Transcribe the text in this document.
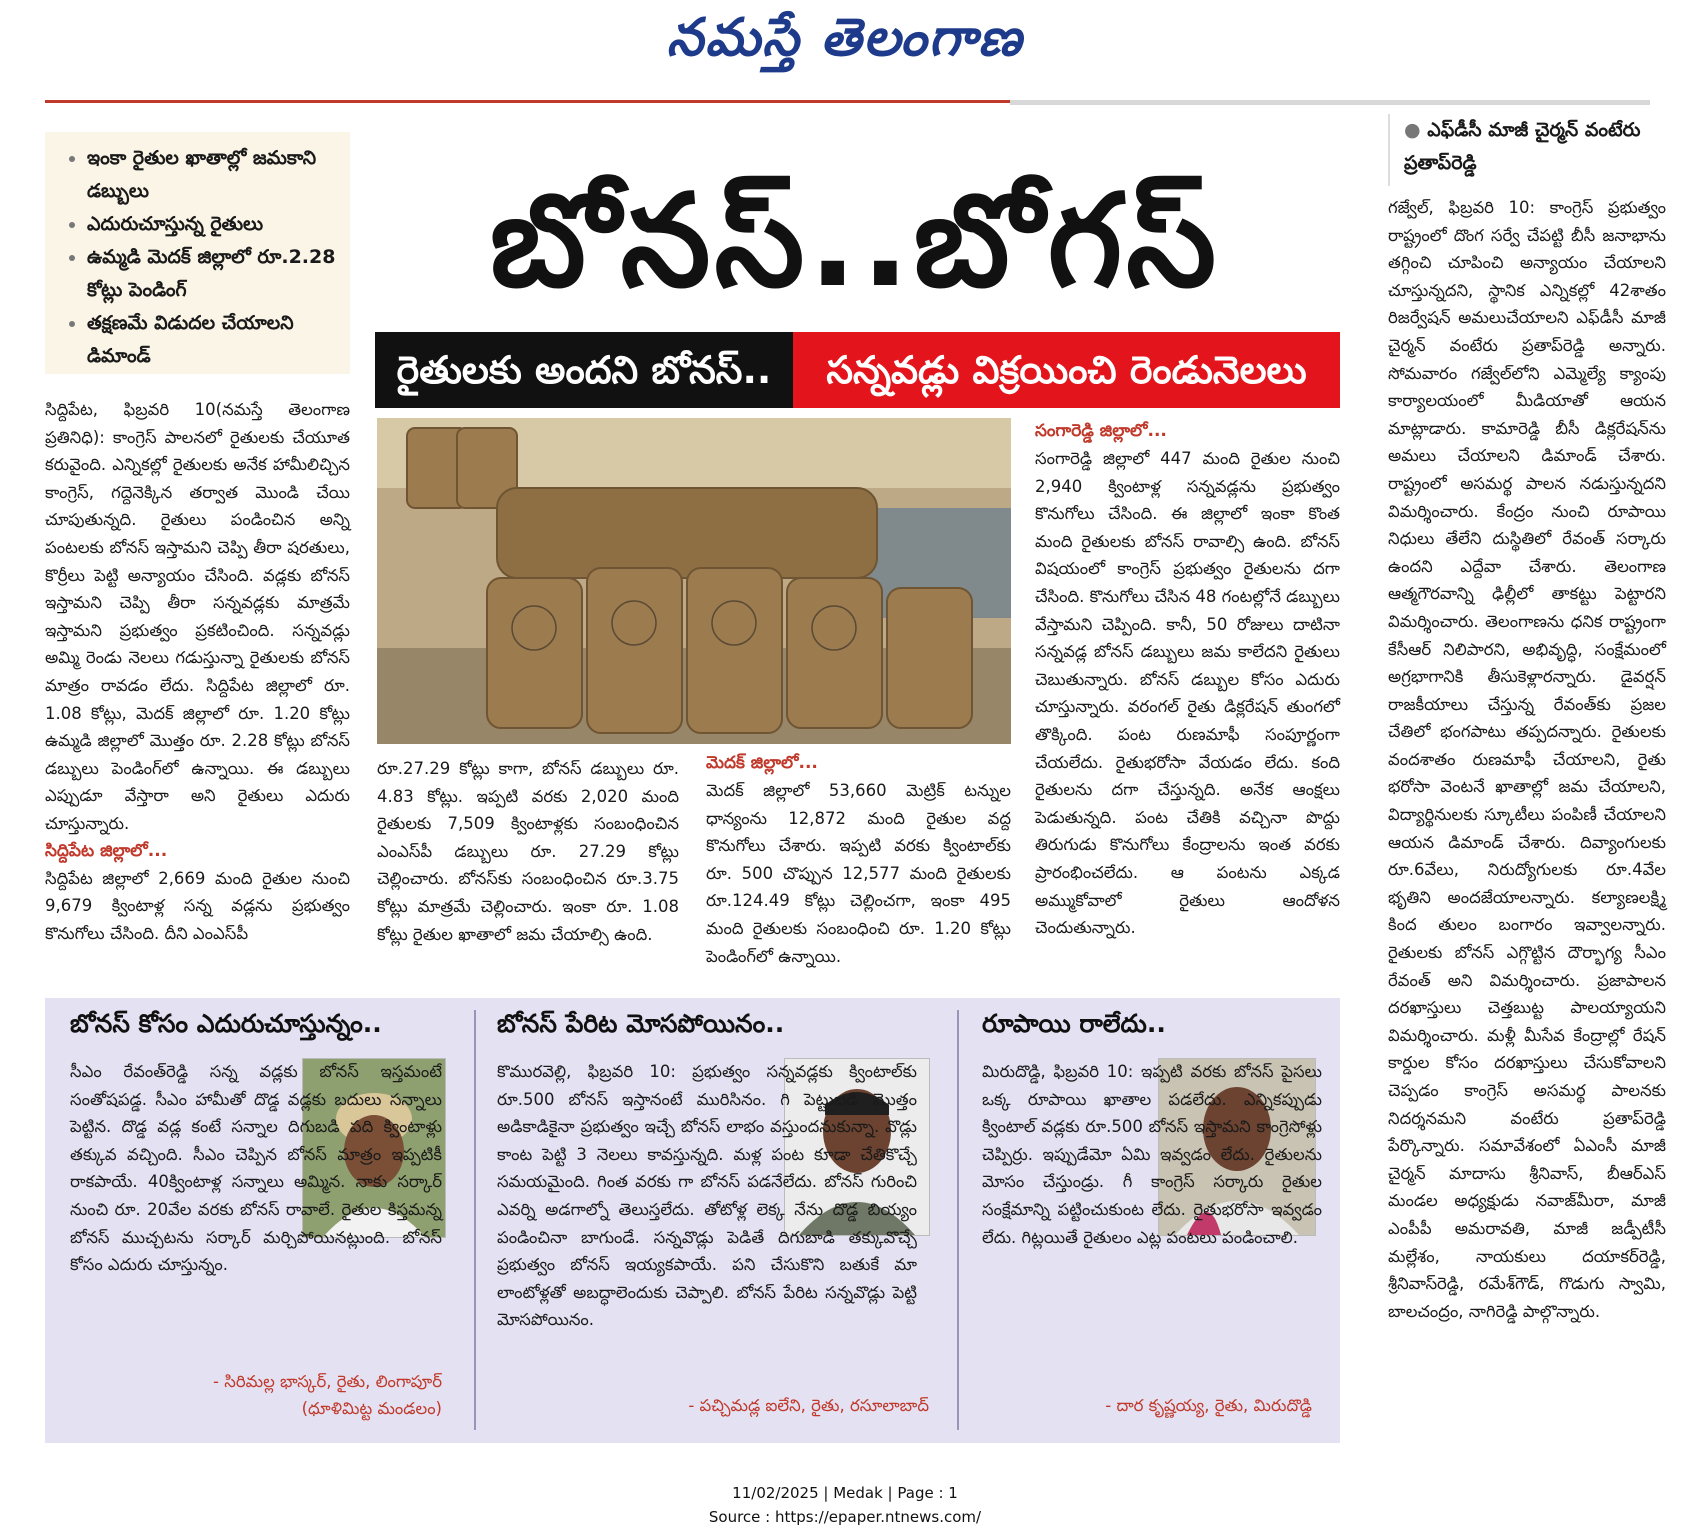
నమస్తే తెలంగాణ
• ఇంకా రైతుల ఖాతాల్లో జమకాని డబ్బులు
• ఎదురుచూస్తున్న రైతులు
• ఉమ్మడి మెదక్‌ జిల్లాలో రూ.2.28 కోట్లు పెండింగ్‌
• తక్షణమే విడుదల చేయాలని డిమాండ్‌
బోనస్‌..బోగస్‌
రైతులకు అందని బోనస్‌..	సన్నవడ్లు విక్రయించి రెండునెలలు
సిద్దిపేట, ఫిబ్రవరి 10(నమస్తే తెలంగాణ ప్రతినిధి): కాంగ్రెస్‌ పాలనలో రైతులకు చేయూత కరువైంది. ఎన్నికల్లో రైతులకు అనేక హామీలిచ్చిన కాంగ్రెస్‌, గద్దెనెక్కిన తర్వాత మొండి చేయి చూపుతున్నది. రైతులు పండించిన అన్ని పంటలకు బోనస్‌ ఇస్తామని చెప్పి తీరా షరతులు, కొర్రీలు పెట్టి అన్యాయం చేసింది. వడ్లకు బోనస్‌ ఇస్తామని చెప్పి తీరా సన్నవడ్లకు మాత్రమే ఇస్తామని ప్రభుత్వం ప్రకటించింది. సన్నవడ్లు అమ్మి రెండు నెలలు గడుస్తున్నా రైతులకు బోనస్‌ మాత్రం రావడం లేదు. సిద్దిపేట జిల్లాలో రూ. 1.08 కోట్లు, మెదక్‌ జిల్లాలో రూ. 1.20 కోట్లు ఉమ్మడి జిల్లాలో మొత్తం రూ. 2.28 కోట్లు బోనస్‌ డబ్బులు పెండింగ్‌లో ఉన్నాయి. ఈ డబ్బులు ఎప్పుడూ వేస్తారా అని రైతులు ఎదురు చూస్తున్నారు.
సిద్దిపేట జిల్లాలో...
సిద్దిపేట జిల్లాలో 2,669 మంది రైతుల నుంచి 9,679 క్వింటాళ్ల సన్న వడ్లను ప్రభుత్వం కొనుగోలు చేసింది. దీని ఎంఎస్‌పీ
రూ.27.29 కోట్లు కాగా, బోనస్‌ డబ్బులు రూ. 4.83 కోట్లు. ఇప్పటి వరకు 2,020 మంది రైతులకు 7,509 క్వింటాళ్లకు సంబంధించిన ఎంఎస్‌పీ డబ్బులు రూ. 27.29 కోట్లు చెల్లించారు. బోనస్‌కు సంబంధించిన రూ.3.75 కోట్లు మాత్రమే చెల్లించారు. ఇంకా రూ. 1.08 కోట్లు రైతుల ఖాతాలో జమ చేయాల్సి ఉంది.
మెదక్‌ జిల్లాలో...
మెదక్‌ జిల్లాలో 53,660 మెట్రిక్‌ టన్నుల ధాన్యంను 12,872 మంది రైతుల వద్ద కొనుగోలు చేశారు. ఇప్పటి వరకు క్వింటాల్‌కు రూ. 500 చొప్పున 12,577 మంది రైతులకు రూ.124.49 కోట్లు చెల్లించగా, ఇంకా 495 మంది రైతులకు సంబంధించి రూ. 1.20 కోట్లు పెండింగ్‌లో ఉన్నాయి.
సంగారెడ్డి జిల్లాలో...
సంగారెడ్డి జిల్లాలో 447 మంది రైతుల నుంచి 2,940 క్వింటాళ్ల సన్నవడ్లను ప్రభుత్వం కొనుగోలు చేసింది. ఈ జిల్లాలో ఇంకా కొంత మంది రైతులకు బోనస్‌ రావాల్సి ఉంది. బోనస్‌ విషయంలో కాంగ్రెస్‌ ప్రభుత్వం రైతులను దగా చేసింది. కొనుగోలు చేసిన 48 గంటల్లోనే డబ్బులు వేస్తామని చెప్పింది. కానీ, 50 రోజులు దాటినా సన్నవడ్ల బోనస్‌ డబ్బులు జమ కాలేదని రైతులు చెబుతున్నారు. బోనస్‌ డబ్బుల కోసం ఎదురు చూస్తున్నారు. వరంగల్‌ రైతు డిక్లరేషన్‌ తుంగలో తొక్కింది. పంట రుణమాఫీ సంపూర్ణంగా చేయలేదు. రైతుభరోసా వేయడం లేదు. కంది రైతులను దగా చేస్తున్నది. అనేక ఆంక్షలు పెడుతున్నది. పంట చేతికి వచ్చినా పొద్దు తిరుగుడు కొనుగోలు కేంద్రాలను ఇంత వరకు ప్రారంభించలేదు. ఆ పంటను ఎక్కడ అమ్ముకోవాలో రైతులు ఆందోళన చెందుతున్నారు.
● ఎఫ్‌డీసీ మాజీ చైర్మన్‌ వంటేరు ప్రతాప్‌రెడ్డి
గజ్వేల్‌, ఫిబ్రవరి 10: కాంగ్రెస్‌ ప్రభుత్వం రాష్ట్రంలో దొంగ సర్వే చేపట్టి బీసీ జనాభాను తగ్గించి చూపించి అన్యాయం చేయాలని చూస్తున్నదని, స్థానిక ఎన్నికల్లో 42శాతం రిజర్వేషన్‌ అమలుచేయాలని ఎఫ్‌డీసీ మాజీ చైర్మన్‌ వంటేరు ప్రతాప్‌రెడ్డి అన్నారు. సోమవారం గజ్వేల్‌లోని ఎమ్మెల్యే క్యాంపు కార్యాలయంలో మీడియాతో ఆయన మాట్లాడారు. కామారెడ్డి బీసీ డిక్లరేషన్‌ను అమలు చేయాలని డిమాండ్‌ చేశారు. రాష్ట్రంలో అసమర్థ పాలన నడుస్తున్నదని విమర్శించారు. కేంద్రం నుంచి రూపాయి నిధులు తేలేని దుస్థితిలో రేవంత్‌ సర్కారు ఉందని ఎద్దేవా చేశారు. తెలంగాణ ఆత్మగౌరవాన్ని ఢిల్లీలో తాకట్టు పెట్టారని విమర్శించారు. తెలంగాణను ధనిక రాష్ట్రంగా కేసీఆర్‌ నిలిపారని, అభివృద్ధి, సంక్షేమంలో అగ్రభాగానికి తీసుకెళ్లారన్నారు. డైవర్షన్‌ రాజకీయాలు చేస్తున్న రేవంత్‌కు ప్రజల చేతిలో భంగపాటు తప్పదన్నారు. రైతులకు వందశాతం రుణమాఫీ చేయాలని, రైతు భరోసా వెంటనే ఖాతాల్లో జమ చేయాలని, విద్యార్థినులకు స్కూటీలు పంపిణీ చేయాలని ఆయన డిమాండ్‌ చేశారు. దివ్యాంగులకు రూ.6వేలు, నిరుద్యోగులకు రూ.4వేల భృతిని అందజేయాలన్నారు. కల్యాణలక్ష్మి కింద తులం బంగారం ఇవ్వాలన్నారు. రైతులకు బోనస్‌ ఎగ్గొట్టిన దౌర్భాగ్య సీఎం రేవంత్‌ అని విమర్శించారు. ప్రజాపాలన దరఖాస్తులు చెత్తబుట్ట పాలయ్యాయని విమర్శించారు. మళ్లీ మీసేవ కేంద్రాల్లో రేషన్‌ కార్డుల కోసం దరఖాస్తులు చేసుకోవాలని చెప్పడం కాంగ్రెస్‌ అసమర్థ పాలనకు నిదర్శనమని వంటేరు ప్రతాప్‌రెడ్డి పేర్కొన్నారు. సమావేశంలో ఏఎంసీ మాజీ చైర్మన్‌ మాదాసు శ్రీనివాస్‌, బీఆర్‌ఎస్‌ మండల అధ్యక్షుడు నవాజ్‌మీరా, మాజీ ఎంపీపీ అమరావతి, మాజీ జడ్పీటీసీ మల్లేశం, నాయకులు దయాకర్‌రెడ్డి, శ్రీనివాస్‌రెడ్డి, రమేశ్‌గౌడ్‌, గొడుగు స్వామి, బాలచంద్రం, నాగిరెడ్డి పాల్గొన్నారు.
బోనస్‌ కోసం ఎదురుచూస్తున్నం..
సీఎం రేవంత్‌రెడ్డి సన్న వడ్లకు బోనస్‌ ఇస్తమంటే సంతోషపడ్డ. సీఎం హామీతో దొడ్డ వడ్లకు బదులు సన్నాలు పెట్టిన. దొడ్డ వడ్ల కంటే సన్నాల దిగుబడి పది క్వింటాళ్లు తక్కువ వచ్చింది. సీఎం చెప్పిన బోనస్‌ మాత్రం ఇప్పటికీ రాకపాయే. 40క్వింటాళ్ల సన్నాలు అమ్మిన. నాకు సర్కార్‌ నుంచి రూ. 20వేల వరకు బోనస్‌ రావాలే. రైతుల కిస్తమన్న బోనస్‌ ముచ్చటను సర్కార్‌ మర్చిపోయినట్లుంది. బోనస్‌ కోసం ఎదురు చూస్తున్నం.
- సిరిమల్ల భాస్కర్‌, రైతు, లింగాపూర్‌
(ధూళిమిట్ట మండలం)
బోనస్‌ పేరిట మోసపోయినం..
కొమురవెల్లి, ఫిబ్రవరి 10: ప్రభుత్వం సన్నవడ్లకు క్వింటాల్‌కు రూ.500 బోనస్‌ ఇస్తానంటే మురిసినం. గి పెట్టుబడి మొత్తం అడికాడికైనా ప్రభుత్వం ఇచ్చే బోనస్‌ లాభం వస్తుందనుకున్నా. వొడ్లు కాంట పెట్టి 3 నెలలు కావస్తున్నది. మళ్ల పంట కూడా చేతికొచ్చే సమయమైంది. గింత వరకు గా బోనస్‌ పడనేలేదు. బోనస్‌ గురించి ఎవర్ని అడగాల్నో తెలుస్తలేదు. తోటోళ్ల లెక్క నేను దొడ్డ బియ్యం పండించినా బాగుండే. సన్నవొడ్లు పెడితే దిగుబాడి తక్కువొచ్చే ప్రభుత్వం బోనస్‌ ఇయ్యకపాయే. పని చేసుకొని బతుకే మా లాంటోళ్లతో అబద్ధాలెందుకు చెప్పాలి. బోనస్‌ పేరిట సన్నవొడ్లు పెట్టి మోసపోయినం.
- పచ్చిమడ్ల ఐలేని, రైతు, రసూలాబాద్‌
రూపాయి రాలేదు..
మిరుదొడ్డి, ఫిబ్రవరి 10: ఇప్పటి వరకు బోనస్‌ పైసలు ఒక్క రూపాయి ఖాతాల పడలేదు. ఎన్నికప్పుడు క్వింటాల్‌ వడ్లకు రూ.500 బోనస్‌ ఇస్తామని కాంగ్రెసోళ్లు చెప్పిర్రు. ఇప్పుడేమో ఏమి ఇవ్వడం లేదు. రైతులను మోసం చేస్తుండ్రు. గీ కాంగ్రెస్‌ సర్కారు రైతుల సంక్షేమాన్ని పట్టించుకుంట లేదు. రైతుభరోసా ఇవ్వడం లేదు. గిట్లయితే రైతులం ఎట్ల పంటలు పండించాలి.
- దార కృష్ణయ్య, రైతు, మిరుదొడ్డి
11/02/2025 | Medak | Page : 1
Source : https://epaper.ntnews.com/
